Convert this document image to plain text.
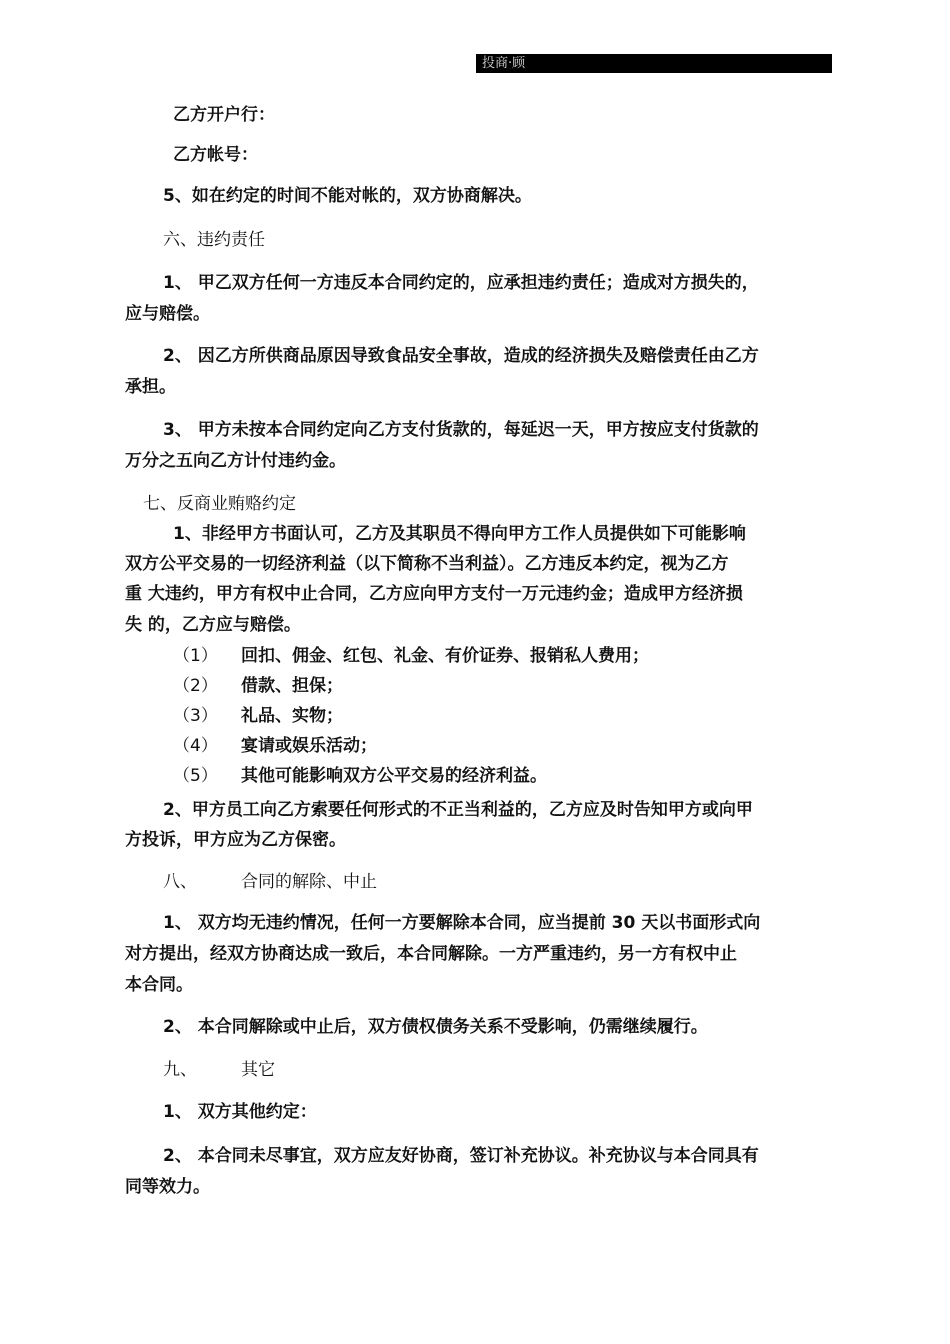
投商·顾
乙方开户行：
乙方帐号：
5、如在约定的时间不能对帐的，双方协商解决。
六、违约责任
1、 甲乙双方任何一方违反本合同约定的，应承担违约责任；造成对方损失的，
应与赔偿。
2、 因乙方所供商品原因导致食品安全事故，造成的经济损失及赔偿责任由乙方
承担。
3、 甲方未按本合同约定向乙方支付货款的，每延迟一天，甲方按应支付货款的
万分之五向乙方计付违约金。
七、反商业贿赂约定
1、非经甲方书面认可，乙方及其职员不得向甲方工作人员提供如下可能影响
双方公平交易的一切经济利益（以下简称不当利益）。乙方违反本约定，视为乙方
重 大违约，甲方有权中止合同，乙方应向甲方支付一万元违约金；造成甲方经济损
失 的，乙方应与赔偿。
（1） 回扣、佣金、红包、礼金、有价证券、报销私人费用；
（2） 借款、担保；
（3） 礼品、实物；
（4） 宴请或娱乐活动；
（5） 其他可能影响双方公平交易的经济利益。
2、甲方员工向乙方索要任何形式的不正当利益的，乙方应及时告知甲方或向甲
方投诉，甲方应为乙方保密。
八、	合同的解除、中止
1、 双方均无违约情况，任何一方要解除本合同，应当提前 30 天以书面形式向
对方提出，经双方协商达成一致后，本合同解除。一方严重违约，另一方有权中止
本合同。
2、 本合同解除或中止后，双方债权债务关系不受影响，仍需继续履行。
九、	其它
1、 双方其他约定：
2、 本合同未尽事宜，双方应友好协商，签订补充协议。补充协议与本合同具有
同等效力。
